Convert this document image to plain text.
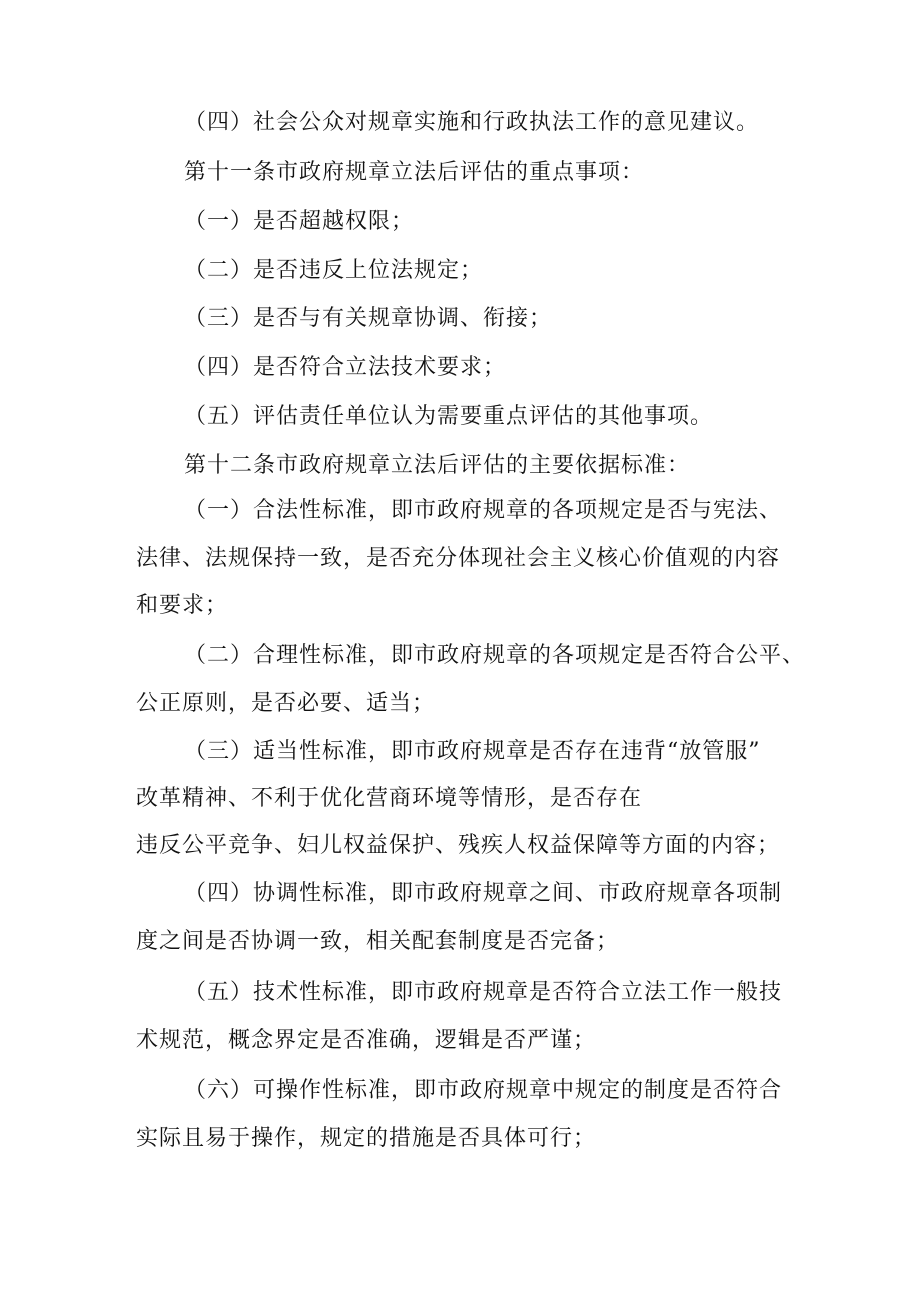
（四）社会公众对规章实施和行政执法工作的意见建议。
第十一条市政府规章立法后评估的重点事项：
（一）是否超越权限；
（二）是否违反上位法规定；
（三）是否与有关规章协调、衔接；
（四）是否符合立法技术要求；
（五）评估责任单位认为需要重点评估的其他事项。
第十二条市政府规章立法后评估的主要依据标准：
（一）合法性标准，即市政府规章的各项规定是否与宪法、
法律、法规保持一致，是否充分体现社会主义核心价值观的内容
和要求；
（二）合理性标准，即市政府规章的各项规定是否符合公平、
公正原则，是否必要、适当；
（三）适当性标准，即市政府规章是否存在违背“放管服”
改革精神、不利于优化营商环境等情形，是否存在
违反公平竞争、妇儿权益保护、残疾人权益保障等方面的内容；
（四）协调性标准，即市政府规章之间、市政府规章各项制
度之间是否协调一致，相关配套制度是否完备；
（五）技术性标准，即市政府规章是否符合立法工作一般技
术规范，概念界定是否准确，逻辑是否严谨；
（六）可操作性标准，即市政府规章中规定的制度是否符合
实际且易于操作，规定的措施是否具体可行；
